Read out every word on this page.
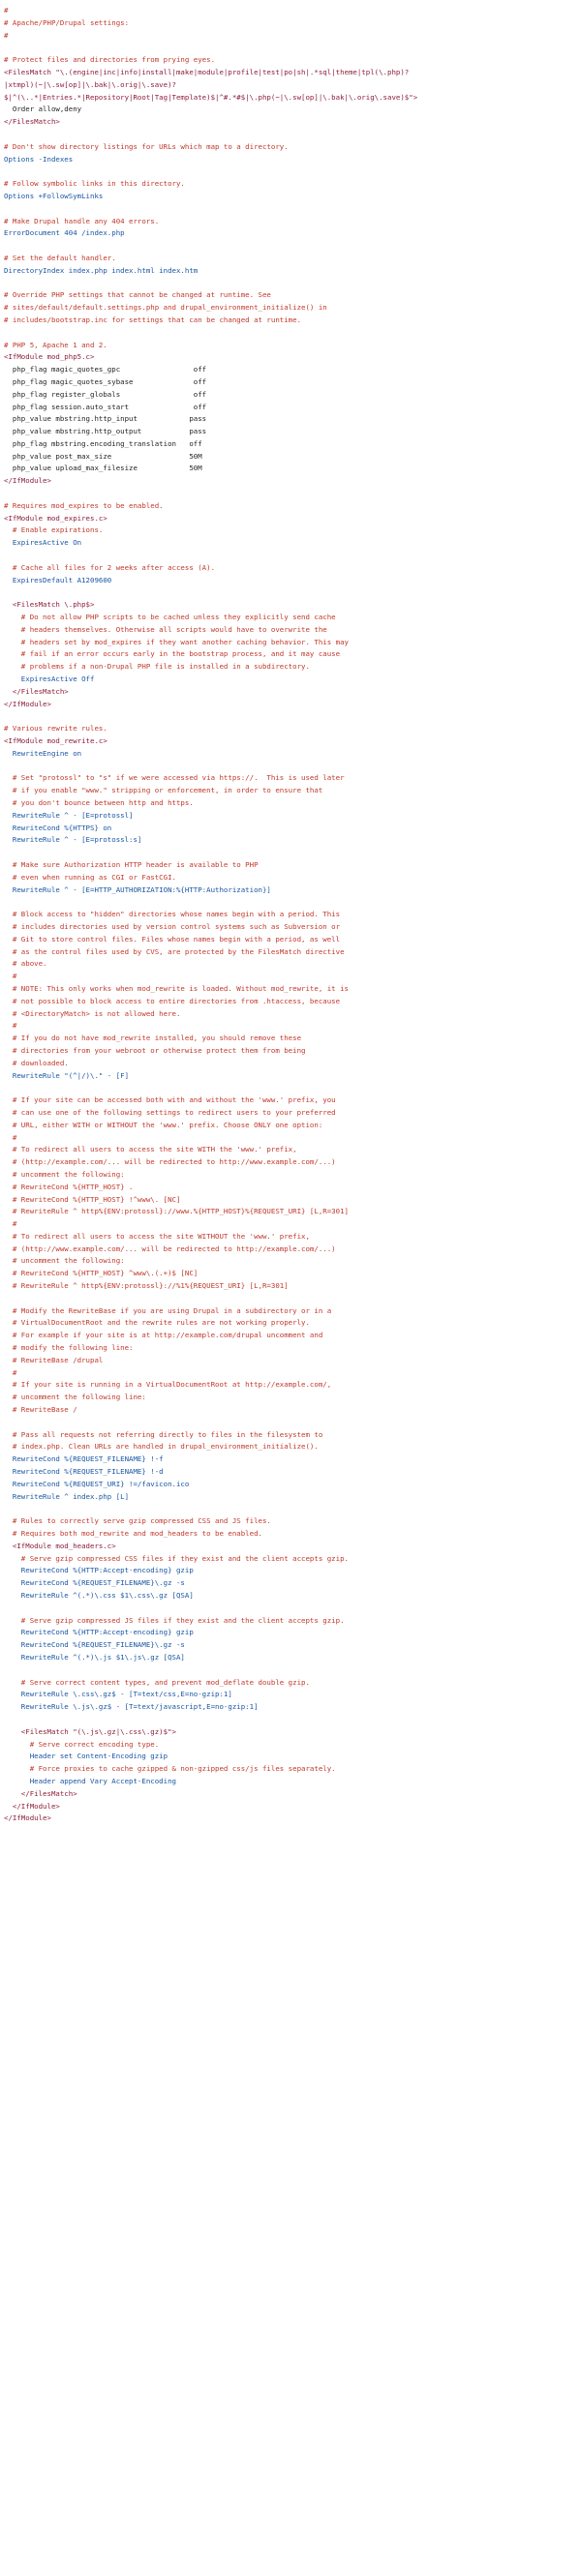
#
# Apache/PHP/Drupal settings:
#

# Protect files and directories from prying eyes.
<FilesMatch "\.(engine|inc|info|install|make|module|profile|test|po|sh|.*sql|theme|tpl(\.php)?
|xtmpl)(~|\.sw[op]|\.bak|\.orig|\.save)?
$|^(\..*|Entries.*|Repository|Root|Tag|Template)$|^#.*#$|\.php(~|\.sw[op]|\.bak|\.orig\.save)$">
Order allow,deny
</FilesMatch>

# Don't show directory listings for URLs which map to a directory.
Options -Indexes

# Follow symbolic links in this directory.
Options +FollowSymLinks

# Make Drupal handle any 404 errors.
ErrorDocument 404 /index.php

# Set the default handler.
DirectoryIndex index.php index.html index.htm

# Override PHP settings that cannot be changed at runtime. See
# sites/default/default.settings.php and drupal_environment_initialize() in
# includes/bootstrap.inc for settings that can be changed at runtime.

# PHP 5, Apache 1 and 2.
<IfModule mod_php5.c>
php_flag magic_quotes_gpc                 off
php_flag magic_quotes_sybase              off
php_flag register_globals                 off
php_flag session.auto_start               off
php_value mbstring.http_input            pass
php_value mbstring.http_output           pass
php_flag mbstring.encoding_translation   off
php_value post_max_size                  50M
php_value upload_max_filesize            50M
</IfModule>

# Requires mod_expires to be enabled.
<IfModule mod_expires.c>
# Enable expirations.
ExpiresActive On

# Cache all files for 2 weeks after access (A).
ExpiresDefault A1209600

<FilesMatch \.php$>
# Do not allow PHP scripts to be cached unless they explicitly send cache
# headers themselves. Otherwise all scripts would have to overwrite the
# headers set by mod_expires if they want another caching behavior. This may
# fail if an error occurs early in the bootstrap process, and it may cause
# problems if a non-Drupal PHP file is installed in a subdirectory.
ExpiresActive Off
</FilesMatch>
</IfModule>

# Various rewrite rules.
<IfModule mod_rewrite.c>
RewriteEngine on

# Set "protossl" to "s" if we were accessed via https://.  This is used later
# if you enable "www." stripping or enforcement, in order to ensure that
# you don't bounce between http and https.
RewriteRule ^ - [E=protossl]
RewriteCond %{HTTPS} on
RewriteRule ^ - [E=protossl:s]

# Make sure Authorization HTTP header is available to PHP
# even when running as CGI or FastCGI.
RewriteRule ^ - [E=HTTP_AUTHORIZATION:%{HTTP:Authorization}]

# Block access to "hidden" directories whose names begin with a period. This
# includes directories used by version control systems such as Subversion or
# Git to store control files. Files whose names begin with a period, as well
# as the control files used by CVS, are protected by the FilesMatch directive
# above.
#
# NOTE: This only works when mod_rewrite is loaded. Without mod_rewrite, it is
# not possible to block access to entire directories from .htaccess, because
# <DirectoryMatch> is not allowed here.
#
# If you do not have mod_rewrite installed, you should remove these
# directories from your webroot or otherwise protect them from being
# downloaded.
RewriteRule "(^|/)\." - [F]

# If your site can be accessed both with and without the 'www.' prefix, you
# can use one of the following settings to redirect users to your preferred
# URL, either WITH or WITHOUT the 'www.' prefix. Choose ONLY one option:
#
# To redirect all users to access the site WITH the 'www.' prefix,
# (http://example.com/... will be redirected to http://www.example.com/...)
# uncomment the following:
# RewriteCond %{HTTP_HOST} .
# RewriteCond %{HTTP_HOST} !^www\. [NC]
# RewriteRule ^ http%{ENV:protossl}://www.%{HTTP_HOST}%{REQUEST_URI} [L,R=301]
#
# To redirect all users to access the site WITHOUT the 'www.' prefix,
# (http://www.example.com/... will be redirected to http://example.com/...)
# uncomment the following:
# RewriteCond %{HTTP_HOST} ^www\.(.+)$ [NC]
# RewriteRule ^ http%{ENV:protossl}://%1%{REQUEST_URI} [L,R=301]

# Modify the RewriteBase if you are using Drupal in a subdirectory or in a
# VirtualDocumentRoot and the rewrite rules are not working properly.
# For example if your site is at http://example.com/drupal uncomment and
# modify the following line:
# RewriteBase /drupal
#
# If your site is running in a VirtualDocumentRoot at http://example.com/,
# uncomment the following line:
# RewriteBase /

# Pass all requests not referring directly to files in the filesystem to
# index.php. Clean URLs are handled in drupal_environment_initialize().
RewriteCond %{REQUEST_FILENAME} !-f
RewriteCond %{REQUEST_FILENAME} !-d
RewriteCond %{REQUEST_URI} !=/favicon.ico
RewriteRule ^ index.php [L]

# Rules to correctly serve gzip compressed CSS and JS files.
# Requires both mod_rewrite and mod_headers to be enabled.
<IfModule mod_headers.c>
# Serve gzip compressed CSS files if they exist and the client accepts gzip.
RewriteCond %{HTTP:Accept-encoding} gzip
RewriteCond %{REQUEST_FILENAME}\.gz -s
RewriteRule ^(.*)\.css $1\.css\.gz [QSA]

# Serve gzip compressed JS files if they exist and the client accepts gzip.
RewriteCond %{HTTP:Accept-encoding} gzip
RewriteCond %{REQUEST_FILENAME}\.gz -s
RewriteRule ^(.*)\.js $1\.js\.gz [QSA]

# Serve correct content types, and prevent mod_deflate double gzip.
RewriteRule \.css\.gz$ - [T=text/css,E=no-gzip:1]
RewriteRule \.js\.gz$ - [T=text/javascript,E=no-gzip:1]

<FilesMatch "(\.js\.gz|\.css\.gz)$">
# Serve correct encoding type.
Header set Content-Encoding gzip
# Force proxies to cache gzipped & non-gzipped css/js files separately.
Header append Vary Accept-Encoding
</FilesMatch>
</IfModule>
</IfModule>
